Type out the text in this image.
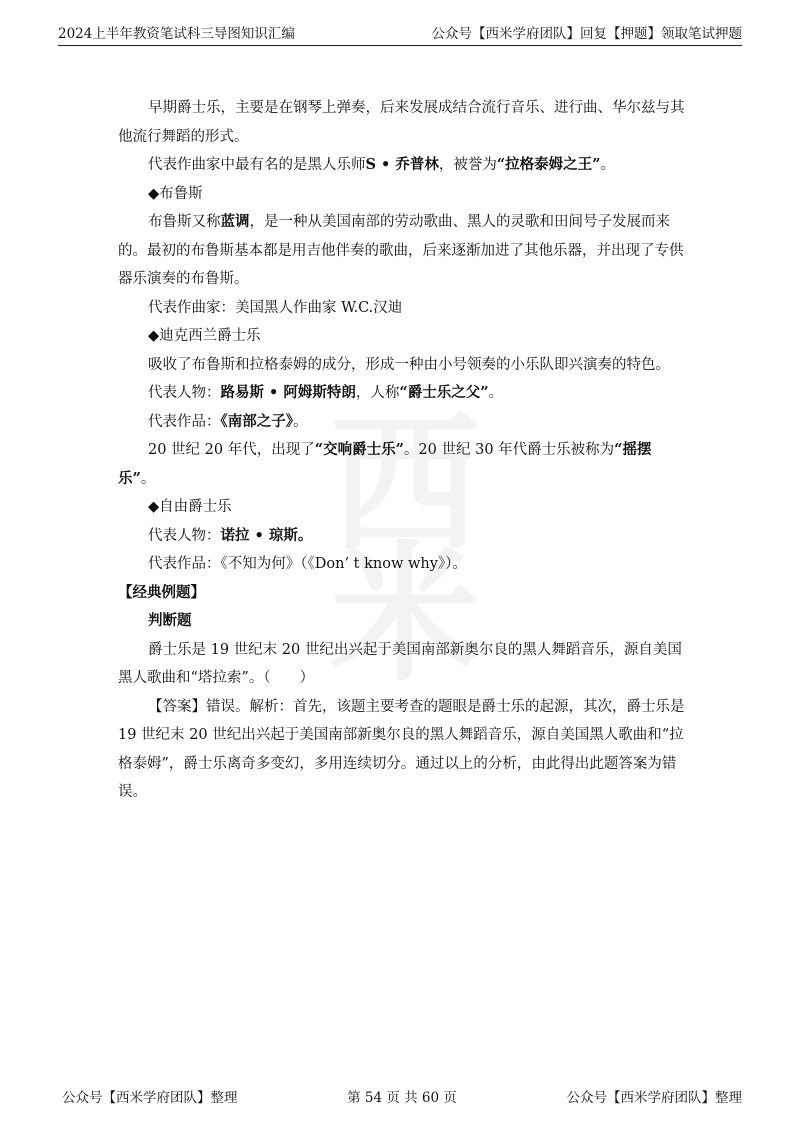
2024上半年教资笔试科三导图知识汇编	公众号【西米学府团队】回复【押题】领取笔试押题

早期爵士乐，主要是在钢琴上弹奏，后来发展成结合流行音乐、进行曲、华尔兹与其他流行舞蹈的形式。

代表作曲家中最有名的是黑人乐师S • 乔普林，被誉为“拉格泰姆之王”。

◆布鲁斯

布鲁斯又称蓝调，是一种从美国南部的劳动歌曲、黑人的灵歌和田间号子发展而来的。最初的布鲁斯基本都是用吉他伴奏的歌曲，后来逐渐加进了其他乐器，并出现了专供器乐演奏的布鲁斯。

代表作曲家：美国黑人作曲家 W.C.汉迪

◆迪克西兰爵士乐

吸收了布鲁斯和拉格泰姆的成分，形成一种由小号领奏的小乐队即兴演奏的特色。

代表人物：路易斯 • 阿姆斯特朗，人称“爵士乐之父”。

代表作品：《南部之子》。

20 世纪 20 年代，出现了“交响爵士乐”。20 世纪 30 年代爵士乐被称为“摇摆乐”。

◆自由爵士乐

代表人物：诺拉 • 琼斯。

代表作品：《不知为何》（《Don’ t know why》）。

【经典例题】

判断题

爵士乐是 19 世纪末 20 世纪出兴起于美国南部新奥尔良的黑人舞蹈音乐，源自美国黑人歌曲和“塔拉索”。（　　）

【答案】错误。解析：首先，该题主要考查的题眼是爵士乐的起源，其次，爵士乐是 19 世纪末 20 世纪出兴起于美国南部新奥尔良的黑人舞蹈音乐，源自美国黑人歌曲和“拉格泰姆”，爵士乐离奇多变幻，多用连续切分。通过以上的分析，由此得出此题答案为错误。

公众号【西米学府团队】整理	第 54 页 共 60 页	公众号【西米学府团队】整理
